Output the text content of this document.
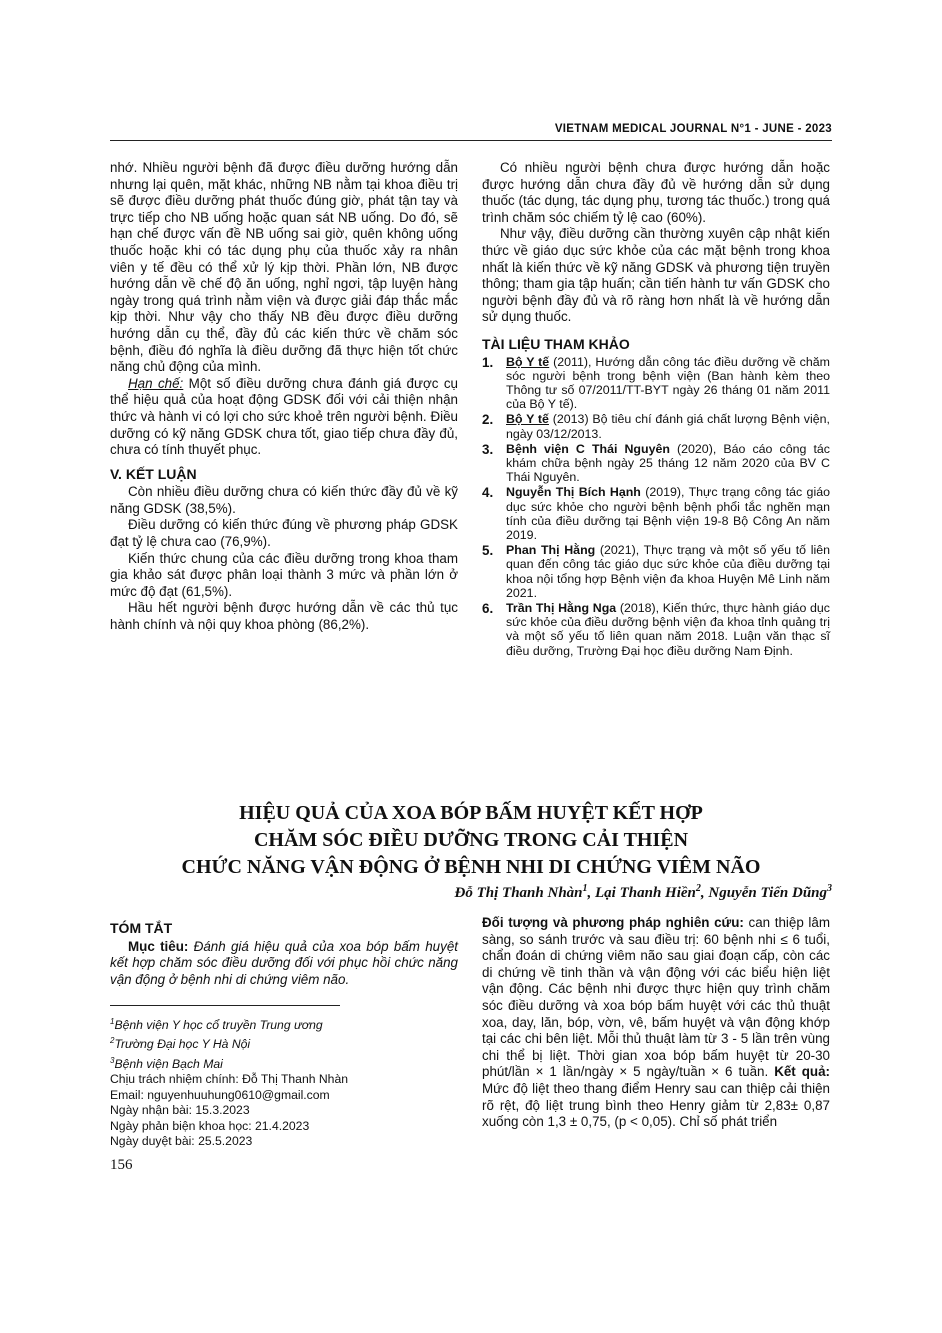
VIETNAM MEDICAL JOURNAL N°1 - JUNE - 2023

nhớ. Nhiều người bệnh đã được điều dưỡng hướng dẫn nhưng lại quên, mặt khác, những NB nằm tại khoa điều trị sẽ được điều dưỡng phát thuốc đúng giờ, phát tận tay và trực tiếp cho NB uống hoặc quan sát NB uống. Do đó, sẽ hạn chế được vấn đề NB uống sai giờ, quên không uống thuốc hoặc khi có tác dụng phụ của thuốc xảy ra nhân viên y tế đều có thể xử lý kịp thời. Phần lớn, NB được hướng dẫn về chế độ ăn uống, nghỉ ngơi, tập luyện hàng ngày trong quá trình nằm viện và được giải đáp thắc mắc kịp thời. Như vậy cho thấy NB đều được điều dưỡng hướng dẫn cụ thể, đầy đủ các kiến thức về chăm sóc bệnh, điều đó nghĩa là điều dưỡng đã thực hiện tốt chức năng chủ động của mình.

Hạn chế: Một số điều dưỡng chưa đánh giá được cụ thể hiệu quả của hoạt động GDSK đối với cải thiện nhận thức và hành vi có lợi cho sức khoẻ trên người bệnh. Điều dưỡng có kỹ năng GDSK chưa tốt, giao tiếp chưa đầy đủ, chưa có tính thuyết phục.

V. KẾT LUẬN

Còn nhiều điều dưỡng chưa có kiến thức đầy đủ về kỹ năng GDSK (38,5%).

Điều dưỡng có kiến thức đúng về phương pháp GDSK đạt tỷ lệ chưa cao (76,9%).

Kiến thức chung của các điều dưỡng trong khoa tham gia khảo sát được phân loại thành 3 mức và phần lớn ở mức độ đạt (61,5%).

Hầu hết người bệnh được hướng dẫn về các thủ tục hành chính và nội quy khoa phòng (86,2%).

Có nhiều người bệnh chưa được hướng dẫn hoặc được hướng dẫn chưa đầy đủ về hướng dẫn sử dụng thuốc (tác dụng, tác dụng phụ, tương tác thuốc.) trong quá trình chăm sóc chiếm tỷ lệ cao (60%).

Như vậy, điều dưỡng cần thường xuyên cập nhật kiến thức về giáo dục sức khỏe của các mặt bệnh trong khoa nhất là kiến thức về kỹ năng GDSK và phương tiện truyền thông; tham gia tập huấn; cần tiến hành tư vấn GDSK cho người bệnh đầy đủ và rõ ràng hơn nhất là về hướng dẫn sử dụng thuốc.

TÀI LIỆU THAM KHẢO

1.	Bộ Y tế (2011), Hướng dẫn công tác điều dưỡng về chăm sóc người bệnh trong bệnh viện (Ban hành kèm theo Thông tư số 07/2011/TT-BYT ngày 26 tháng 01 năm 2011 của Bộ Y tế).
2.	Bộ Y tế (2013) Bộ tiêu chí đánh giá chất lượng Bệnh viện, ngày 03/12/2013.
3.	Bệnh viện C Thái Nguyên (2020), Báo cáo công tác khám chữa bệnh ngày 25 tháng 12 năm 2020 của BV C Thái Nguyên.
4.	Nguyễn Thị Bích Hạnh (2019), Thực trạng công tác giáo dục sức khỏe cho người bệnh bệnh phổi tắc nghẽn mạn tính của điều dưỡng tại Bệnh viện 19-8 Bộ Công An năm 2019.
5.	Phan Thị Hằng (2021), Thực trạng và một số yếu tố liên quan đến công tác giáo dục sức khỏe của điều dưỡng tại khoa nội tổng hợp Bệnh viện đa khoa Huyện Mê Linh năm 2021.
6.	Trần Thị Hằng Nga (2018), Kiến thức, thực hành giáo dục sức khỏe của điều dưỡng bệnh viện đa khoa tỉnh quảng trị và một số yếu tố liên quan năm 2018. Luận văn thạc sĩ điều dưỡng, Trường Đại học điều dưỡng Nam Định.
HIỆU QUẢ CỦA XOA BÓP BẤM HUYỆT KẾT HỢP
CHĂM SÓC ĐIỀU DƯỠNG TRONG CẢI THIỆN
CHỨC NĂNG VẬN ĐỘNG Ở BỆNH NHI DI CHỨNG VIÊM NÃO
Đỗ Thị Thanh Nhàn$^1$, Lại Thanh Hiền$^2$, Nguyễn Tiến Dũng$^3$

TÓM TẮT

Mục tiêu: Đánh giá hiệu quả của xoa bóp bấm huyệt kết hợp chăm sóc điều dưỡng đối với phục hồi chức năng vận động ở bệnh nhi di chứng viêm não.

Đối tượng và phương pháp nghiên cứu: can thiệp lâm sàng, so sánh trước và sau điều trị: 60 bệnh nhi ≤ 6 tuổi, chẩn đoán di chứng viêm não sau giai đoạn cấp, còn các di chứng về tinh thần và vận động với các biểu hiện liệt vận động. Các bệnh nhi được thực hiện quy trình chăm sóc điều dưỡng và xoa bóp bấm huyệt với các thủ thuật xoa, day, lăn, bóp, vờn, vê, bấm huyệt và vận động khớp tại các chi bên liệt. Mỗi thủ thuật làm từ 3 - 5 lần trên vùng chi thể bị liệt. Thời gian xoa bóp bấm huyệt từ 20-30 phút/lần × 1 lần/ngày × 5 ngày/tuần × 6 tuần. Kết quả: Mức độ liệt theo thang điểm Henry sau can thiệp cải thiện rõ rệt, độ liệt trung bình theo Henry giảm từ 2,83± 0,87 xuống còn 1,3 ± 0,75, (p < 0,05). Chỉ số phát triển

$^1$Bệnh viện Y học cổ truyền Trung ương
$^2$Trường Đại học Y Hà Nội
$^3$Bệnh viện Bạch Mai
Chịu trách nhiệm chính: Đỗ Thị Thanh Nhàn
Email: nguyenhuuhung0610@gmail.com
Ngày nhận bài: 15.3.2023
Ngày phản biện khoa học: 21.4.2023
Ngày duyệt bài: 25.5.2023
156
